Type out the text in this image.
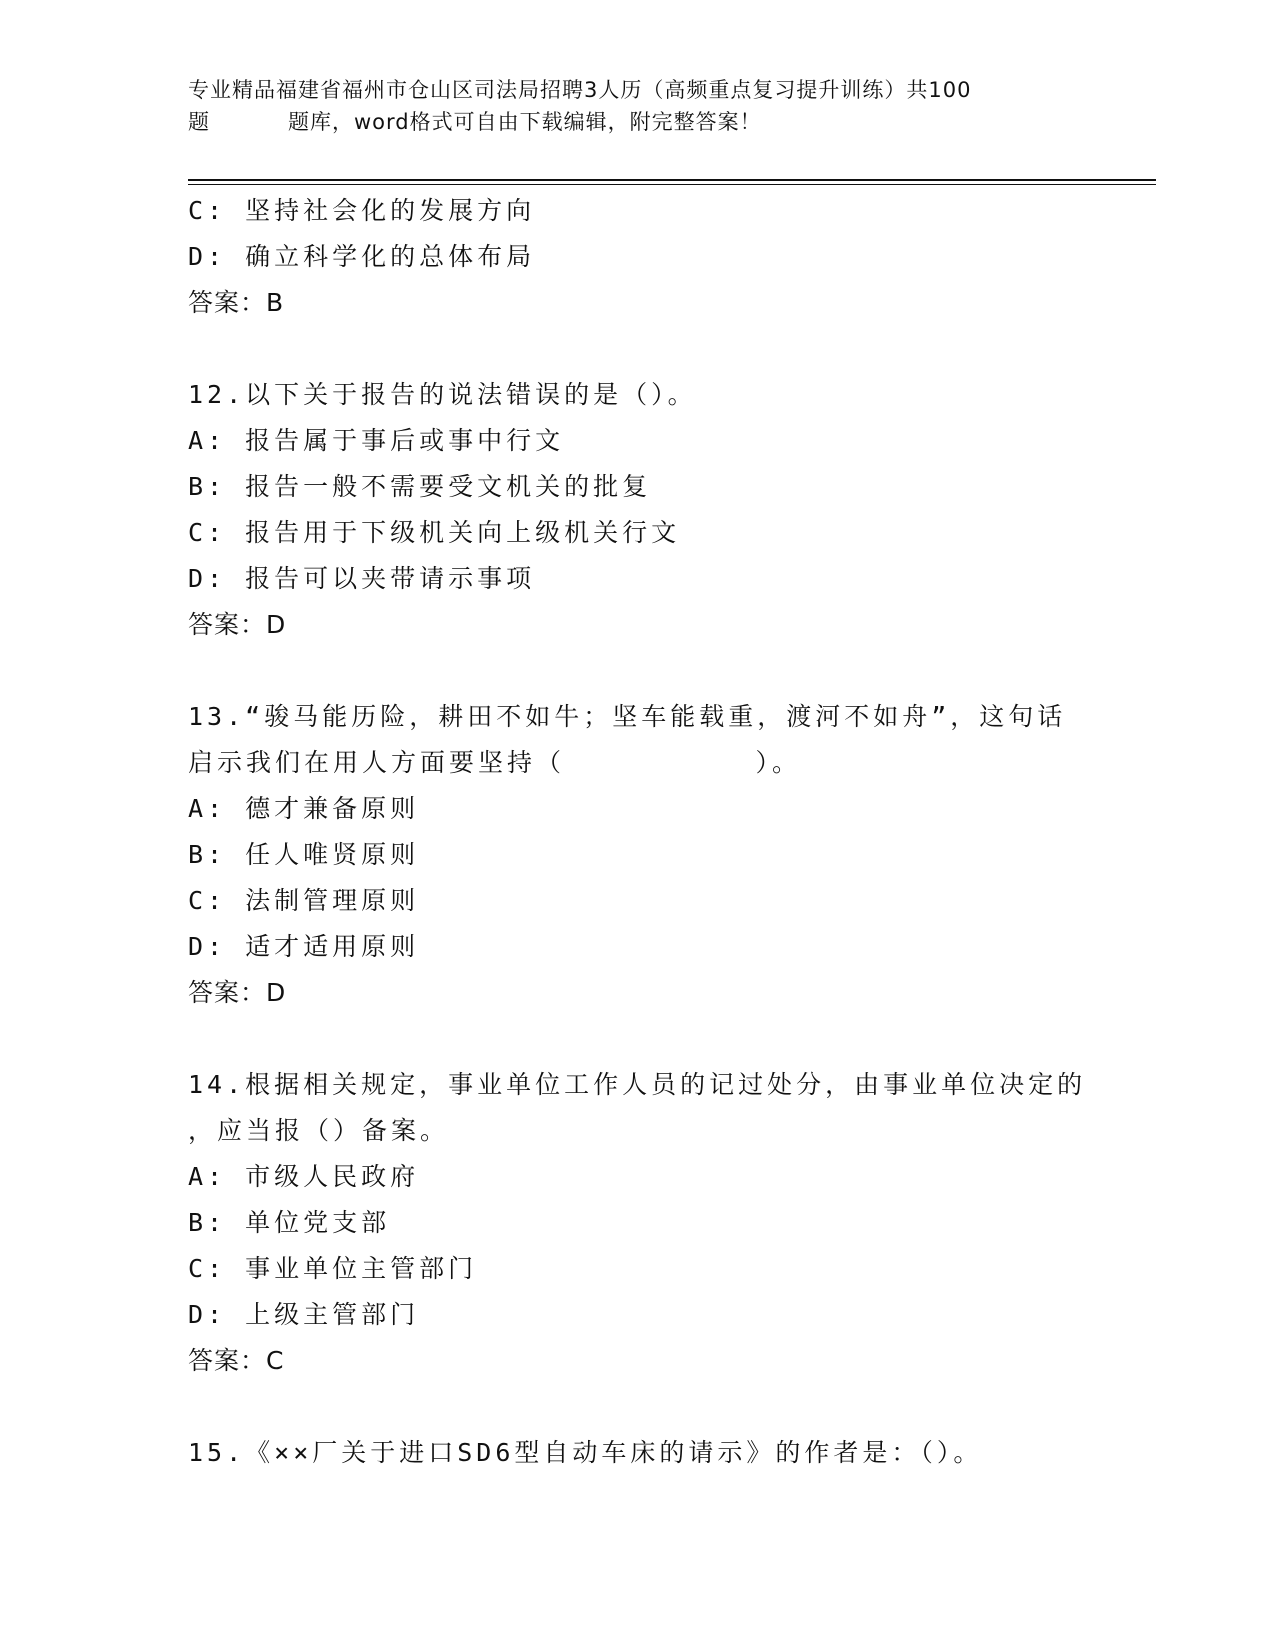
专业精品福建省福州市仓山区司法局招聘3人历（高频重点复习提升训练）共100
题	题库，word格式可自由下载编辑，附完整答案！
C: 坚持社会化的发展方向
D: 确立科学化的总体布局
答案：B
12.以下关于报告的说法错误的是（）。
A: 报告属于事后或事中行文
B: 报告一般不需要受文机关的批复
C: 报告用于下级机关向上级机关行文
D: 报告可以夹带请示事项
答案：D
13.“骏马能历险，耕田不如牛；坚车能载重，渡河不如舟”，这句话
启示我们在用人方面要坚持（          ）。
A: 德才兼备原则
B: 任人唯贤原则
C: 法制管理原则
D: 适才适用原则
答案：D
14.根据相关规定，事业单位工作人员的记过处分，由事业单位决定的
，应当报（）备案。
A: 市级人民政府
B: 单位党支部
C: 事业单位主管部门
D: 上级主管部门
答案：C
15.《××厂关于进口SD6型自动车床的请示》的作者是：（）。
